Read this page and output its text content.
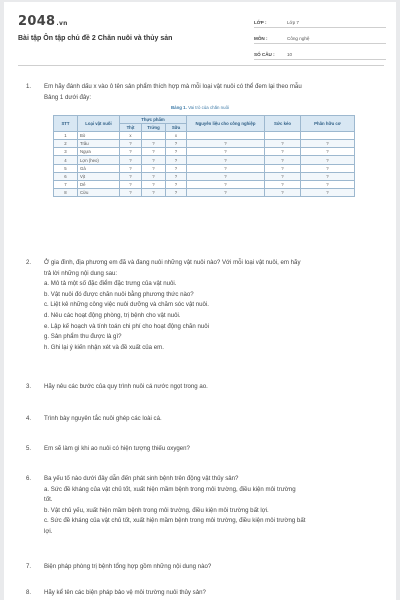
2048.vn
Bài tập Ôn tập chủ đề 2 Chăn nuôi và thủy sản
LỚP :	Lớp 7
MÔN :	Công nghệ
SỐ CÂU :	10
1. Em hãy đánh dấu x vào ô tên sản phẩm thích hợp mà mỗi loại vật nuôi có thể đem lại theo mẫu
Bảng 1 dưới đây:
Bảng 1. Vai trò của chăn nuôi
STT	Loại vật nuôi	Thực phẩm			Nguyên liệu cho công nghiệp	Sức kéo	Phân hữu cơ
		Thịt	Trứng	Sữa			
1	Bò	x		x			
2	Trâu	?	?	?	?	?	?
3	Ngựa	?	?	?	?	?	?
4	Lợn (heo)	?	?	?	?	?	?
5	Gà	?	?	?	?	?	?
6	Vịt	?	?	?	?	?	?
7	Dê	?	?	?	?	?	?
8	Cừu	?	?	?	?	?	?
2. Ở gia đình, địa phương em đã và đang nuôi những vật nuôi nào? Với mỗi loại vật nuôi, em hãy
trả lời những nội dung sau:
a. Mô tả một số đặc điểm đặc trưng của vật nuôi.
b. Vật nuôi đó được chăn nuôi bằng phương thức nào?
c. Liệt kê những công việc nuôi dưỡng và chăm sóc vật nuôi.
d. Nêu các hoạt động phòng, trị bệnh cho vật nuôi.
e. Lập kế hoạch và tính toán chi phí cho hoạt động chăn nuôi
g. Sản phẩm thu được là gì?
h. Ghi lại ý kiến nhận xét và đề xuất của em.
3. Hãy nêu các bước của quy trình nuôi cá nước ngọt trong ao.
4. Trình bày nguyên tắc nuôi ghép các loài cá.
5. Em sẽ làm gì khi ao nuôi có hiện tượng thiếu oxygen?
6. Ba yếu tố nào dưới đây dẫn đến phát sinh bệnh trên động vật thủy sản?
a. Sức đề kháng của vật chủ tốt, xuất hiện mầm bệnh trong môi trường, điều kiện môi trường
tốt.
b. Vật chủ yếu, xuất hiện mầm bệnh trong môi trường, điều kiện môi trường bất lợi.
c. Sức đề kháng của vật chủ tốt, xuất hiện mầm bệnh trong môi trường, điều kiện môi trường bất
lợi.
7. Biện pháp phòng trị bệnh tổng hợp gồm những nội dung nào?
8. Hãy kể tên các biện pháp bảo vệ môi trường nuôi thủy sản?
